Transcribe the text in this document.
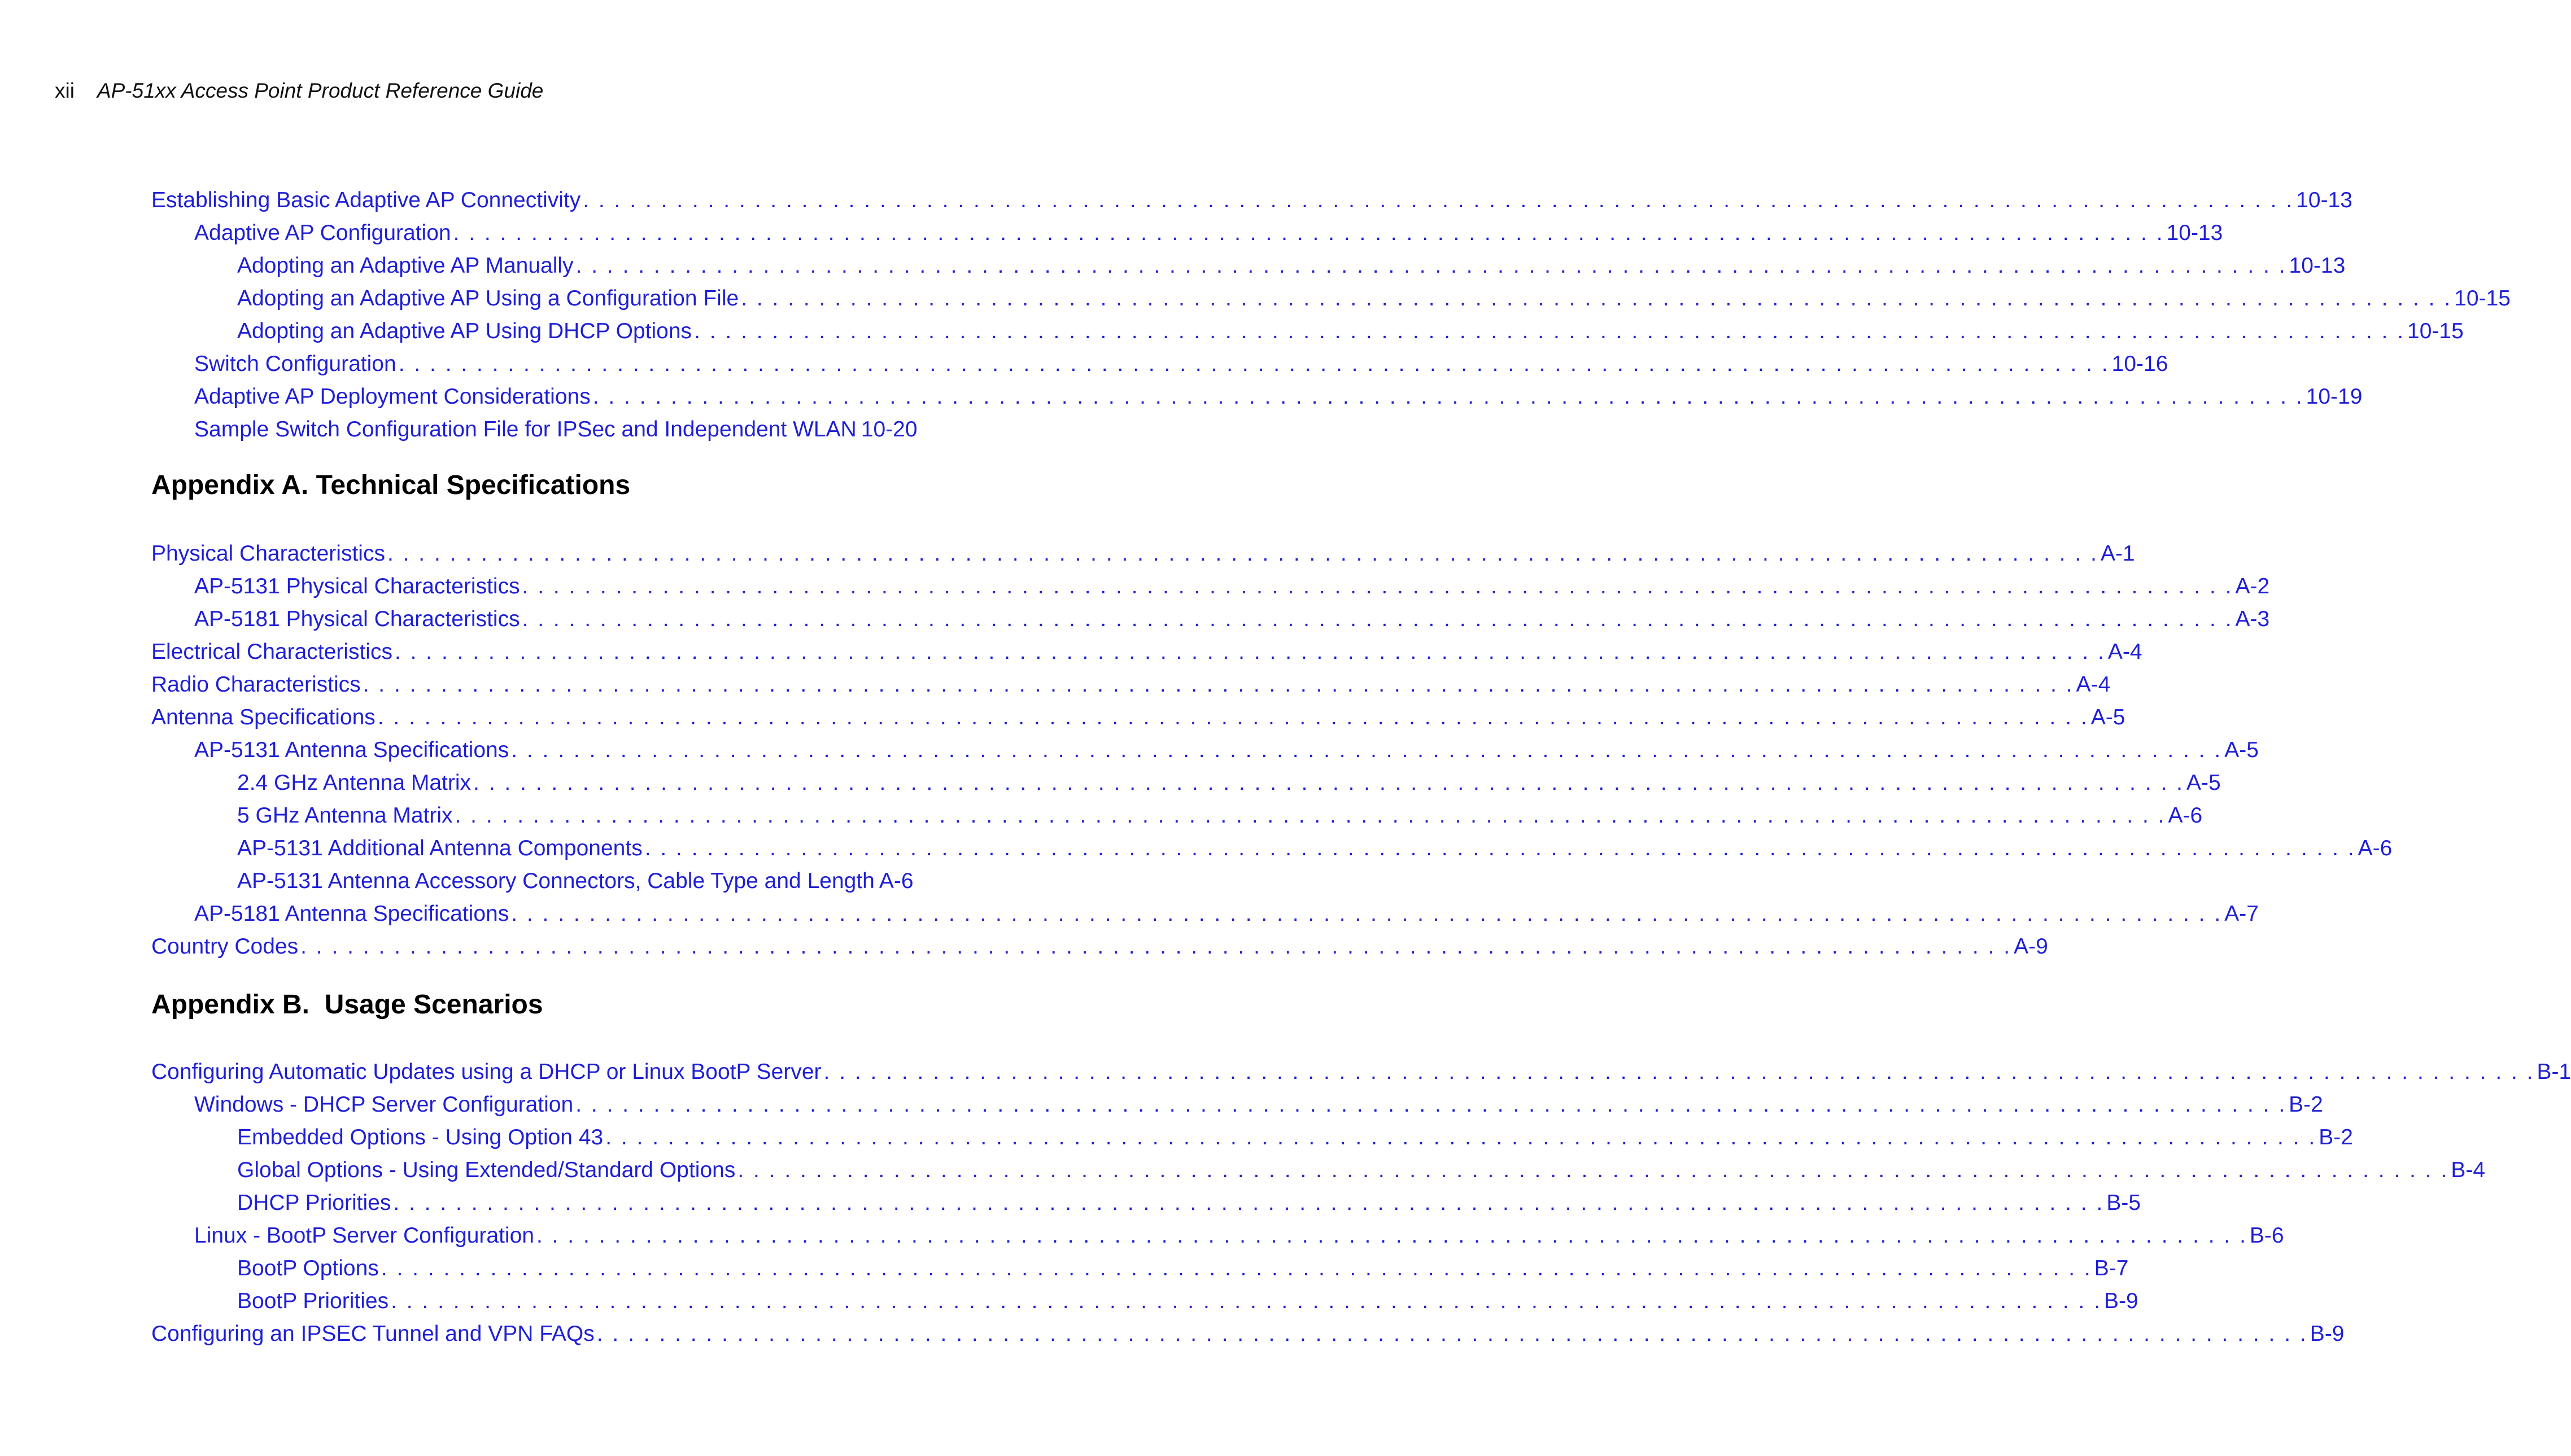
xii AP-51xx Access Point Product Reference Guide
Establishing Basic Adaptive AP Connectivity . . .	10-13
Adaptive AP Configuration . . .	10-13
Adopting an Adaptive AP Manually . . .	10-13
Adopting an Adaptive AP Using a Configuration File . . .	10-15
Adopting an Adaptive AP Using DHCP Options . . .	10-15
Switch Configuration . . .	10-16
Adaptive AP Deployment Considerations . . .	10-19
Sample Switch Configuration File for IPSec and Independent WLAN 10-20
Appendix A. Technical Specifications
Physical Characteristics . . .	A-1
AP-5131 Physical Characteristics . . .	A-2
AP-5181 Physical Characteristics . . .	A-3
Electrical Characteristics . . .	A-4
Radio Characteristics . . .	A-4
Antenna Specifications . . .	A-5
AP-5131 Antenna Specifications . . .	A-5
2.4 GHz Antenna Matrix . . .	A-5
5 GHz Antenna Matrix . . .	A-6
AP-5131 Additional Antenna Components . . .	A-6
AP-5131 Antenna Accessory Connectors, Cable Type and Length A-6
AP-5181 Antenna Specifications . . .	A-7
Country Codes . . .	A-9
Appendix B.  Usage Scenarios
Configuring Automatic Updates using a DHCP or Linux BootP Server . . .	B-1
Windows - DHCP Server Configuration . . .	B-2
Embedded Options - Using Option 43 . . .	B-2
Global Options - Using Extended/Standard Options . . .	B-4
DHCP Priorities . . .	B-5
Linux - BootP Server Configuration . . .	B-6
BootP Options . . .	B-7
BootP Priorities . . .	B-9
Configuring an IPSEC Tunnel and VPN FAQs . . .	B-9
